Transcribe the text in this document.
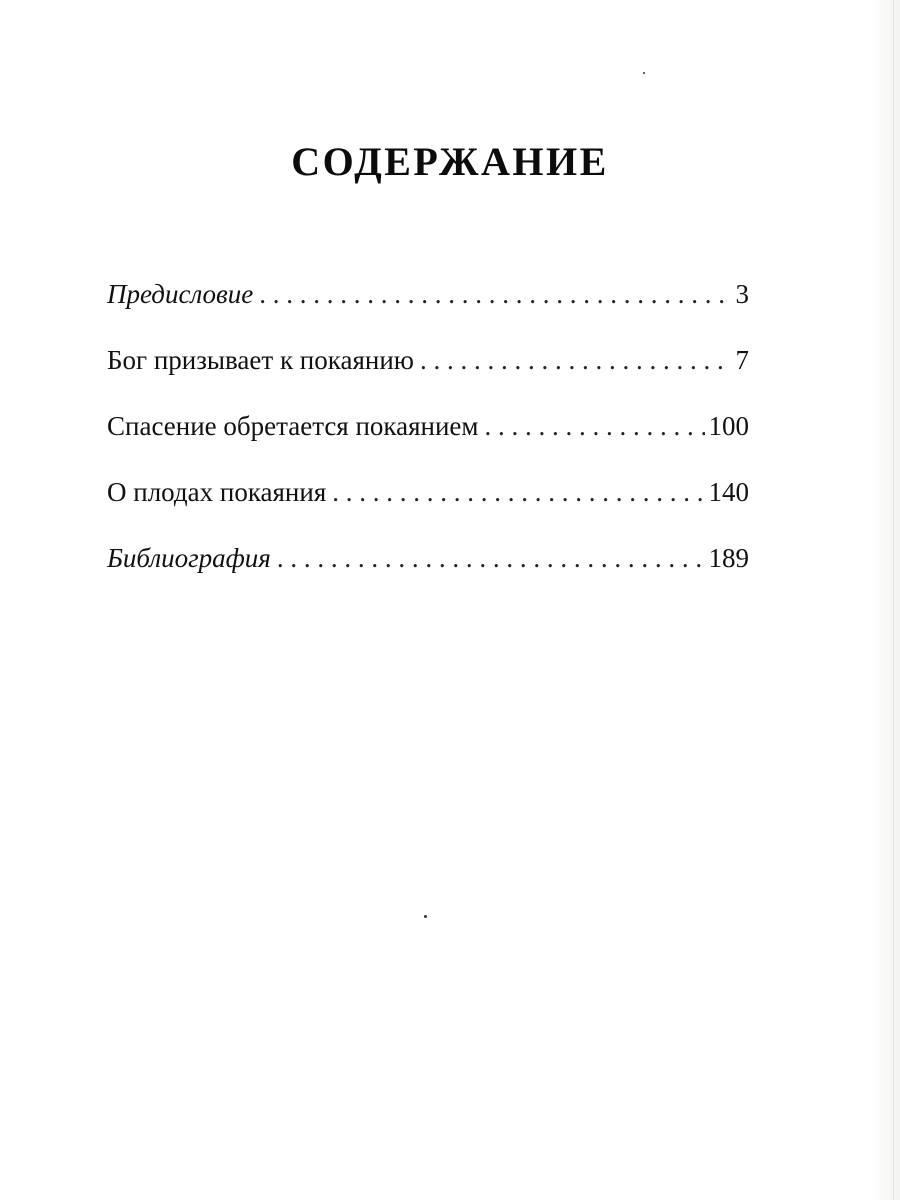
СОДЕРЖАНИЕ
Предисловие . . .	3
Бог призывает к покаянию . . .	7
Спасение обретается покаянием . . .	100
О плодах покаяния . . .	140
Библиография . . .	189
